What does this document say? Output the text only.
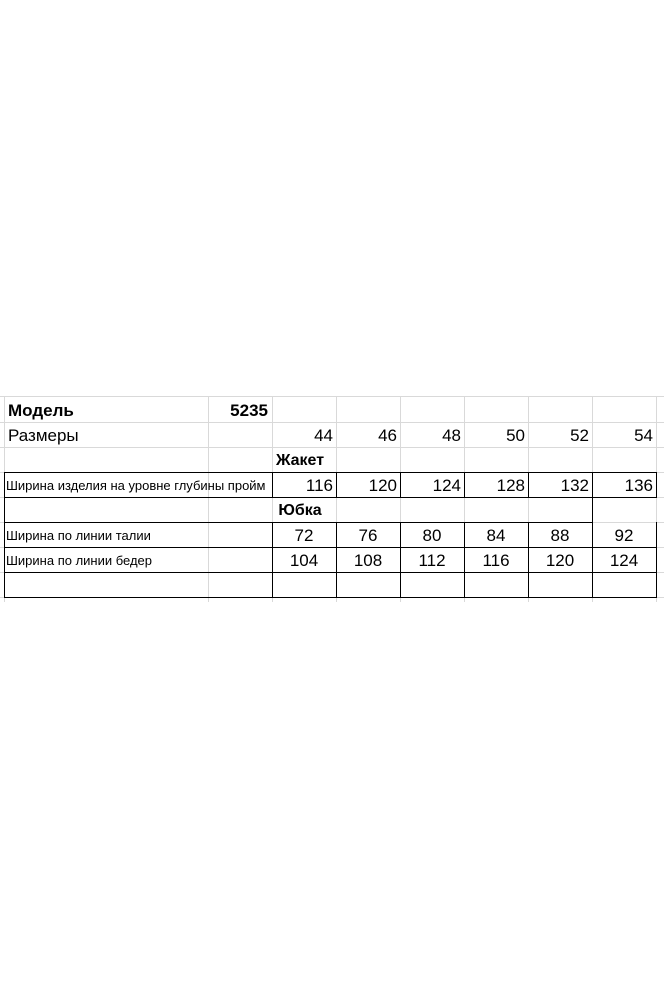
Модель	5235
Размеры	44	46	48	50	52	54
Жакет
Ширина изделия на уровне глубины пройм	116	120	124	128	132	136
Юбка
Ширина по линии талии	72	76	80	84	88	92
Ширина по линии бедер	104	108	112	116	120	124
